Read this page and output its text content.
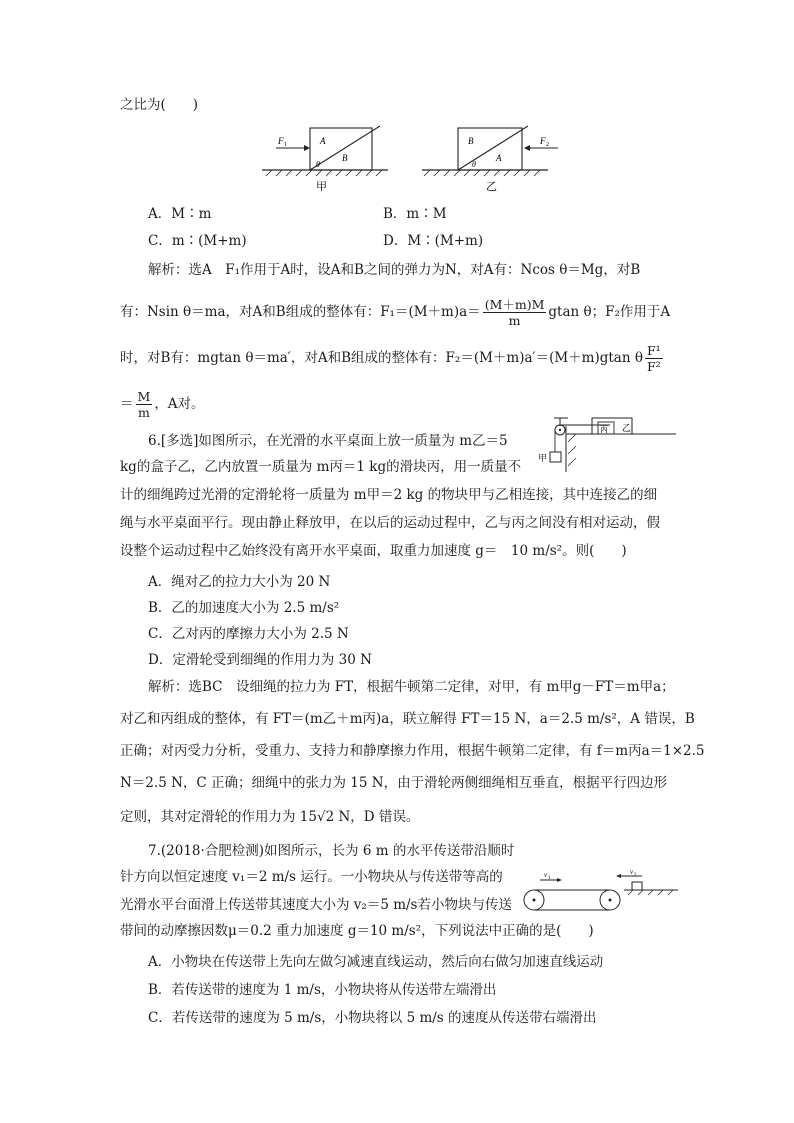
之比为(　　)
F 1	A
B
θ
甲
F 2
B
A
θ
乙
A．M∶m	B．m∶M
C．m∶(M+m)	D．M∶(M+m)
解析：选A　F₁作用于A时，设A和B之间的弹力为N，对A有：Ncos θ＝Mg，对B
有：Nsin θ＝ma，对A和B组成的整体有：$F_1=(M+m)a= \frac{(M+m)M}{m}$ gtan θ；F₂作用于A
时，对B有：mgtan θ＝ma′，对A和B组成的整体有：F₂＝(M＋m)a′＝(M＋m)gtan θ $\frac{\text{F¹}}{\text{F²}}$
＝ $\frac{M}{m}$ ，A对。
6.[多选]如图所示，在光滑的水平桌面上放一质量为 m乙＝5
kg的盒子乙，乙内放置一质量为 m丙＝1 kg的滑块丙，用一质量不
计的细绳跨过光滑的定滑轮将一质量为 m甲＝2 kg 的物块甲与乙相连接，其中连接乙的细
绳与水平桌面平行。现由静止释放甲，在以后的运动过程中，乙与丙之间没有相对运动，假
设整个运动过程中乙始终没有离开水平桌面，取重力加速度 g＝　10 m/s²。则(　　)
甲
丙 乙
A．绳对乙的拉力大小为 20 N
B．乙的加速度大小为 2.5 m/s²
C．乙对丙的摩擦力大小为 2.5 N
D．定滑轮受到细绳的作用力为 30 N
解析：选BC　设细绳的拉力为 FT，根据牛顿第二定律，对甲，有 m甲g－FT＝m甲a；
对乙和丙组成的整体，有 FT＝(m乙＋m丙)a，联立解得 FT＝15 N，a＝2.5 m/s²，A 错误，B
正确；对丙受力分析，受重力、支持力和静摩擦力作用，根据牛顿第二定律，有 f＝m丙a＝1×2.5
N＝2.5 N，C 正确；细绳中的张力为 15 N，由于滑轮两侧细绳相互垂直，根据平行四边形
定则，其对定滑轮的作用力为 15√2 N，D 错误。
7.(2018·合肥检测)如图所示，长为 6 m 的水平传送带沿顺时
针方向以恒定速度 v₁＝2 m/s 运行。一小物块从与传送带等高的
光滑水平台面滑上传送带其速度大小为 v₂＝5 m/s若小物块与传送
带间的动摩擦因数μ＝0.2 重力加速度 g＝10 m/s²，下列说法中正确的是(　　)
v 1
v 2
A．小物块在传送带上先向左做匀减速直线运动，然后向右做匀加速直线运动
B．若传送带的速度为 1 m/s，小物块将从传送带左端滑出
C．若传送带的速度为 5 m/s，小物块将以 5 m/s 的速度从传送带右端滑出
